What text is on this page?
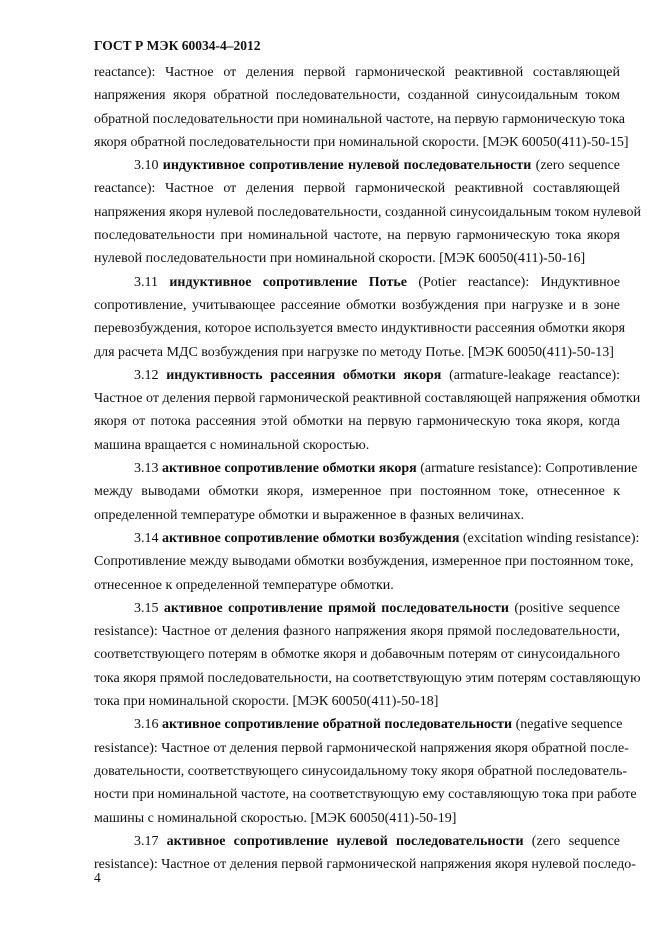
ГОСТ Р МЭК 60034-4–2012
reactance): Частное от деления первой гармонической реактивной составляющей
напряжения якоря обратной последовательности, созданной синусоидальным током
обратной последовательности при номинальной частоте, на первую гармоническую тока
якоря обратной последовательности при номинальной скорости. [МЭК 60050(411)-50-15]
3.10 индуктивное сопротивление нулевой последовательности (zero sequence
reactance): Частное от деления первой гармонической реактивной составляющей
напряжения якоря нулевой последовательности, созданной синусоидальным током нулевой
последовательности при номинальной частоте, на первую гармоническую тока якоря
нулевой последовательности при номинальной скорости. [МЭК 60050(411)-50-16]
3.11 индуктивное сопротивление Потье (Potier reactance): Индуктивное
сопротивление, учитывающее рассеяние обмотки возбуждения при нагрузке и в зоне
перевозбуждения, которое используется вместо индуктивности рассеяния обмотки якоря
для расчета МДС возбуждения при нагрузке по методу Потье. [МЭК 60050(411)-50-13]
3.12 индуктивность рассеяния обмотки якоря (armature-leakage reactance):
Частное от деления первой гармонической реактивной составляющей напряжения обмотки
якоря от потока рассеяния этой обмотки на первую гармоническую тока якоря, когда
машина вращается с номинальной скоростью.
3.13 активное сопротивление обмотки якоря (armature resistance): Сопротивление
между выводами обмотки якоря, измеренное при постоянном токе, отнесенное к
определенной температуре обмотки и выраженное в фазных величинах.
3.14 активное сопротивление обмотки возбуждения (excitation winding resistance):
Сопротивление между выводами обмотки возбуждения, измеренное при постоянном токе,
отнесенное к определенной температуре обмотки.
3.15 активное сопротивление прямой последовательности (positive sequence
resistance): Частное от деления фазного напряжения якоря прямой последовательности,
соответствующего потерям в обмотке якоря и добавочным потерям от синусоидального
тока якоря прямой последовательности, на соответствующую этим потерям составляющую
тока при номинальной скорости. [МЭК 60050(411)-50-18]
3.16 активное сопротивление обратной последовательности (negative sequence
resistance): Частное от деления первой гармонической напряжения якоря обратной после-
довательности, соответствующего синусоидальному току якоря обратной последователь-
ности при номинальной частоте, на соответствующую ему составляющую тока при работе
машины с номинальной скоростью. [МЭК 60050(411)-50-19]
3.17 активное сопротивление нулевой последовательности (zero sequence
resistance): Частное от деления первой гармонической напряжения якоря нулевой последо-
4
